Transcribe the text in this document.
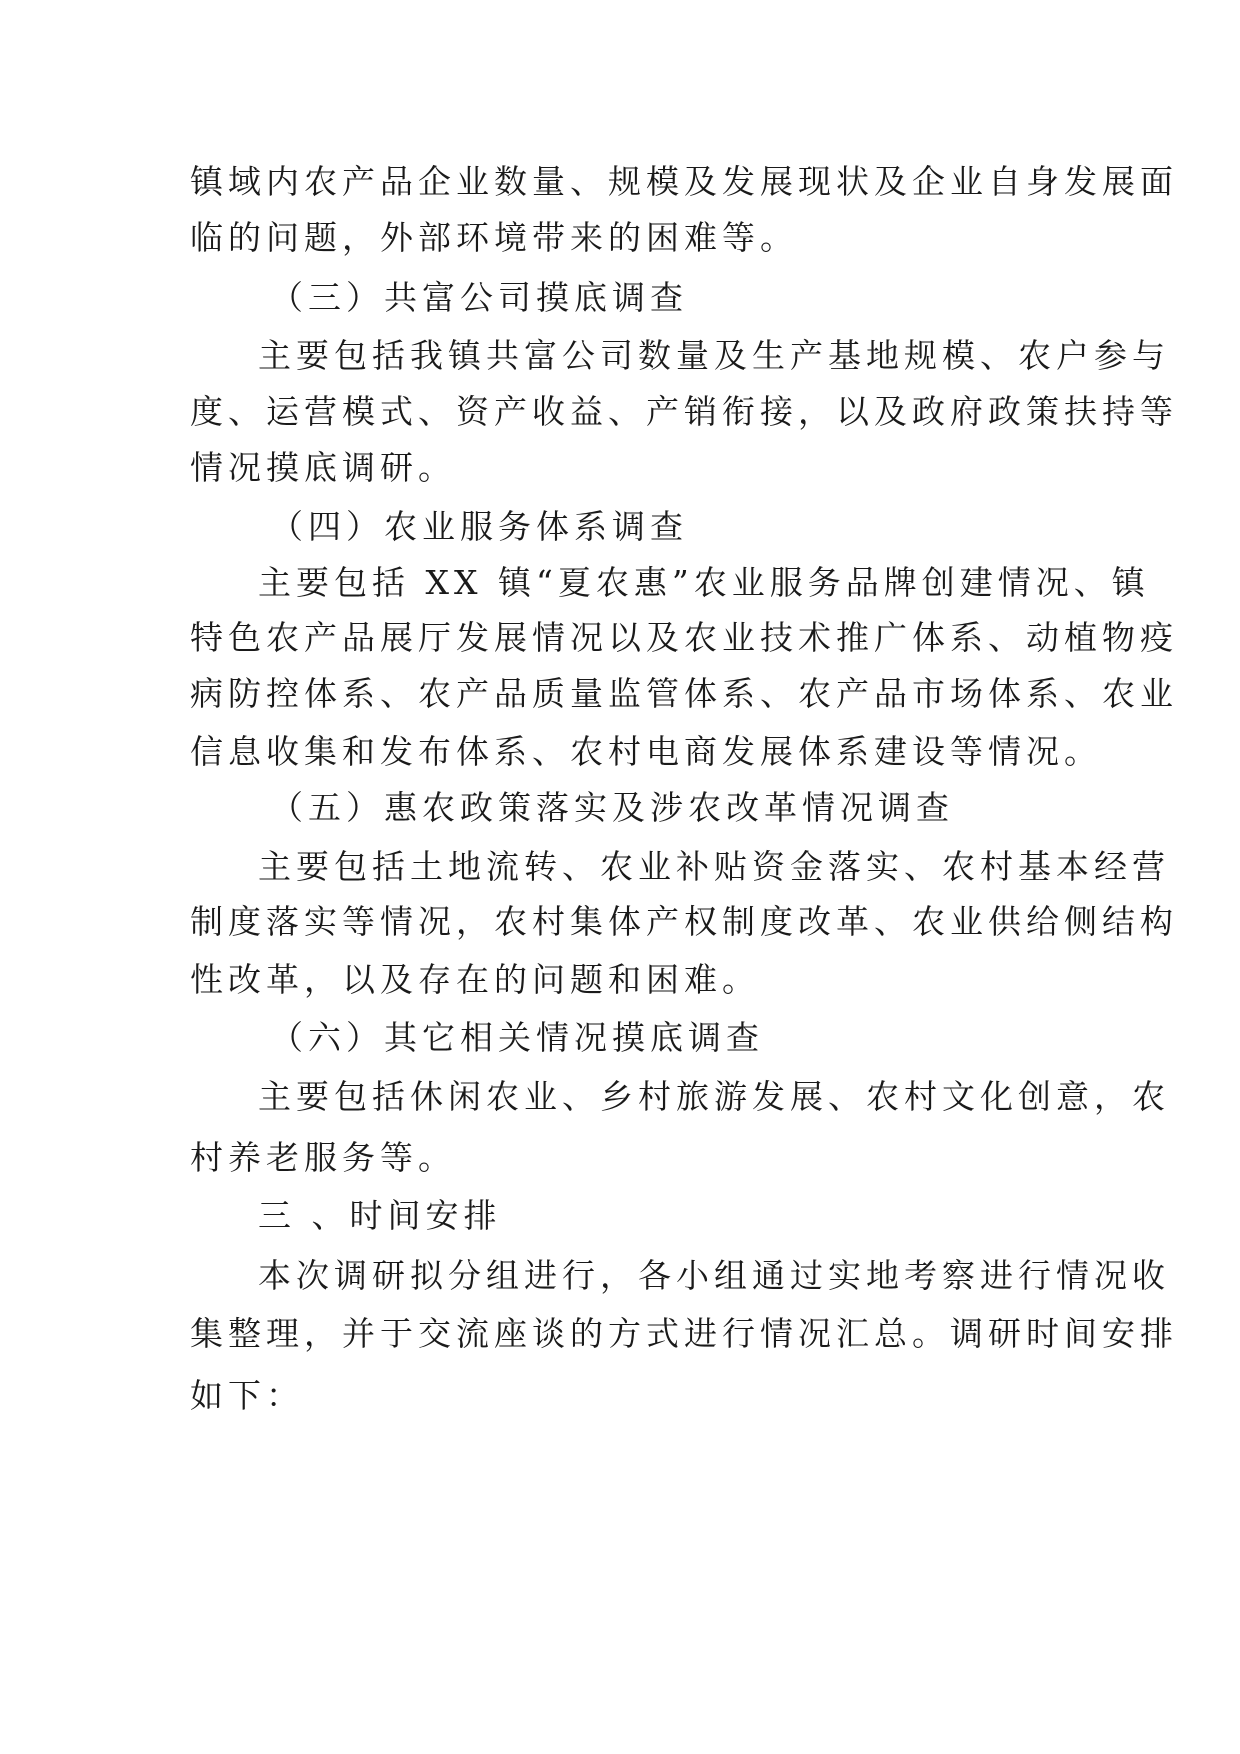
镇域内农产品企业数量、规模及发展现状及企业自身发展面
临的问题，外部环境带来的困难等。
（三）共富公司摸底调查
主要包括我镇共富公司数量及生产基地规模、农户参与
度、运营模式、资产收益、产销衔接，以及政府政策扶持等
情况摸底调研。
（四）农业服务体系调查
主要包括 XX 镇“夏农惠”农业服务品牌创建情况、镇
特色农产品展厅发展情况以及农业技术推广体系、动植物疫
病防控体系、农产品质量监管体系、农产品市场体系、农业
信息收集和发布体系、农村电商发展体系建设等情况。
（五）惠农政策落实及涉农改革情况调查
主要包括土地流转、农业补贴资金落实、农村基本经营
制度落实等情况，农村集体产权制度改革、农业供给侧结构
性改革，以及存在的问题和困难。
（六）其它相关情况摸底调查
主要包括休闲农业、乡村旅游发展、农村文化创意，农
村养老服务等。
三 、时间安排
本次调研拟分组进行，各小组通过实地考察进行情况收
集整理，并于交流座谈的方式进行情况汇总。调研时间安排
如下：
